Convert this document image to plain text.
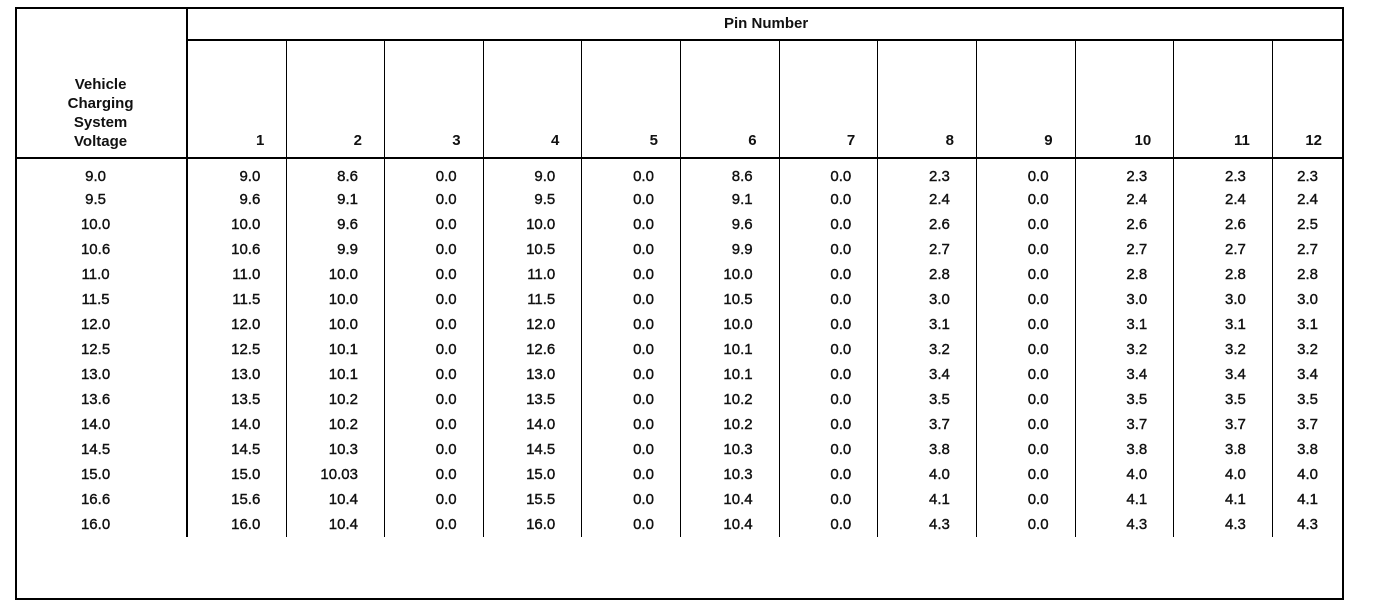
Vehicle
Charging
System
Voltage	Pin Number											
	1	2	3	4	5	6	7	8	9	10	11	12
9.0	9.0	8.6	0.0	9.0	0.0	8.6	0.0	2.3	0.0	2.3	2.3	2.3
9.5	9.6	9.1	0.0	9.5	0.0	9.1	0.0	2.4	0.0	2.4	2.4	2.4
10.0	10.0	9.6	0.0	10.0	0.0	9.6	0.0	2.6	0.0	2.6	2.6	2.5
10.6	10.6	9.9	0.0	10.5	0.0	9.9	0.0	2.7	0.0	2.7	2.7	2.7
11.0	11.0	10.0	0.0	11.0	0.0	10.0	0.0	2.8	0.0	2.8	2.8	2.8
11.5	11.5	10.0	0.0	11.5	0.0	10.5	0.0	3.0	0.0	3.0	3.0	3.0
12.0	12.0	10.0	0.0	12.0	0.0	10.0	0.0	3.1	0.0	3.1	3.1	3.1
12.5	12.5	10.1	0.0	12.6	0.0	10.1	0.0	3.2	0.0	3.2	3.2	3.2
13.0	13.0	10.1	0.0	13.0	0.0	10.1	0.0	3.4	0.0	3.4	3.4	3.4
13.6	13.5	10.2	0.0	13.5	0.0	10.2	0.0	3.5	0.0	3.5	3.5	3.5
14.0	14.0	10.2	0.0	14.0	0.0	10.2	0.0	3.7	0.0	3.7	3.7	3.7
14.5	14.5	10.3	0.0	14.5	0.0	10.3	0.0	3.8	0.0	3.8	3.8	3.8
15.0	15.0	10.03	0.0	15.0	0.0	10.3	0.0	4.0	0.0	4.0	4.0	4.0
16.6	15.6	10.4	0.0	15.5	0.0	10.4	0.0	4.1	0.0	4.1	4.1	4.1
16.0	16.0	10.4	0.0	16.0	0.0	10.4	0.0	4.3	0.0	4.3	4.3	4.3
